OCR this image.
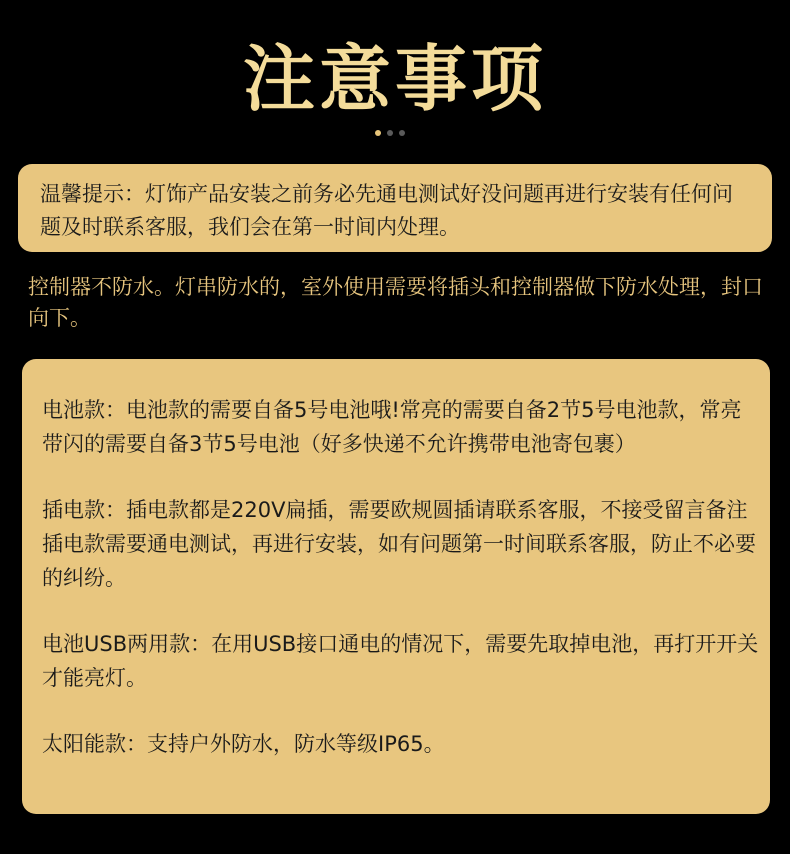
注意事项
温馨提示：灯饰产品安装之前务必先通电测试好没问题再进行安装有任何问题及时联系客服，我们会在第一时间内处理。
控制器不防水。灯串防水的，室外使用需要将插头和控制器做下防水处理，封口向下。

电池款：电池款的需要自备5号电池哦!常亮的需要自备2节5号电池款，常亮带闪的需要自备3节5号电池（好多快递不允许携带电池寄包裹）

插电款：插电款都是220V扁插，需要欧规圆插请联系客服，不接受留言备注插电款需要通电测试，再进行安装，如有问题第一时间联系客服，防止不必要的纠纷。

电池USB两用款：在用USB接口通电的情况下，需要先取掉电池，再打开开关才能亮灯。

太阳能款：支持户外防水，防水等级IP65。
